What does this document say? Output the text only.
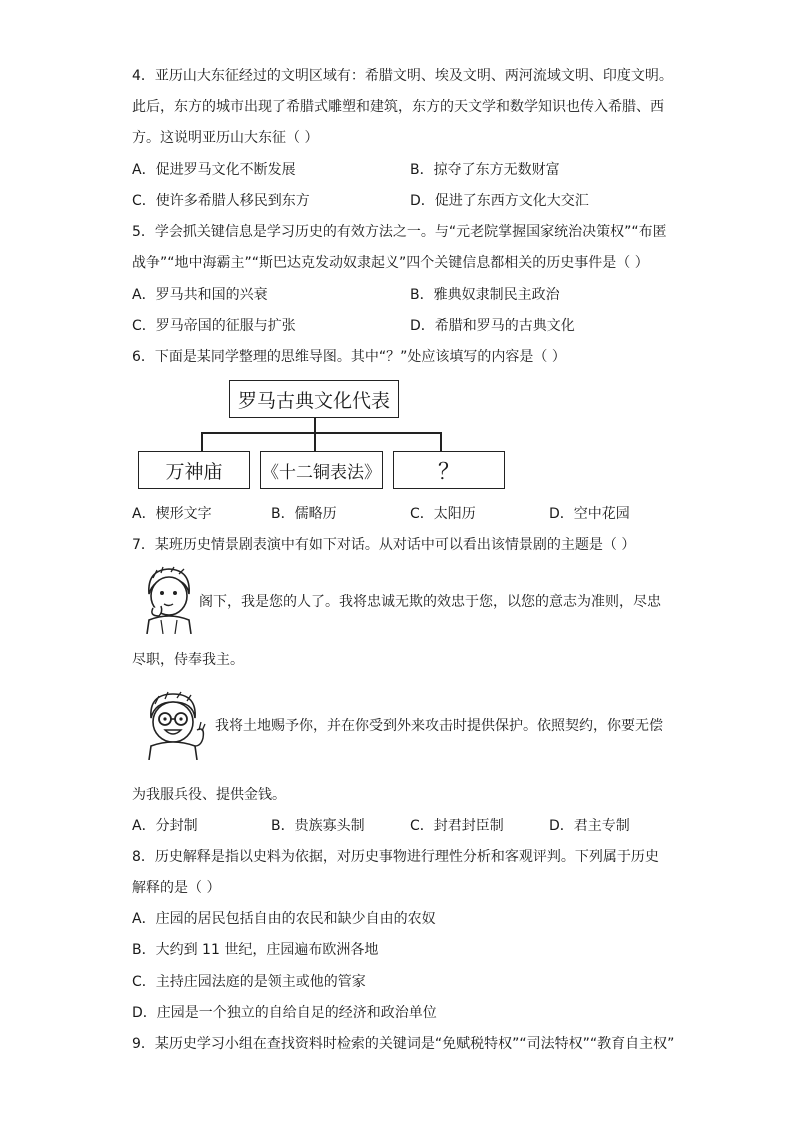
4．亚历山大东征经过的文明区域有：希腊文明、埃及文明、两河流域文明、印度文明。
此后，东方的城市出现了希腊式雕塑和建筑，东方的天文学和数学知识也传入希腊、西
方。这说明亚历山大东征（ ）
A．促进罗马文化不断发展	B．掠夺了东方无数财富
C．使许多希腊人移民到东方	D．促进了东西方文化大交汇
5．学会抓关键信息是学习历史的有效方法之一。与“元老院掌握国家统治决策权”“布匿
战争”“地中海霸主”“斯巴达克发动奴隶起义”四个关键信息都相关的历史事件是（ ）
A．罗马共和国的兴衰	B．雅典奴隶制民主政治
C．罗马帝国的征服与扩张	D．希腊和罗马的古典文化
6．下面是某同学整理的思维导图。其中“？”处应该填写的内容是（ ）
罗马古典文化代表
万神庙	《十二铜表法》	？
A．楔形文字	B．儒略历	C．太阳历	D．空中花园
7．某班历史情景剧表演中有如下对话。从对话中可以看出该情景剧的主题是（ ）
阁下，我是您的人了。我将忠诚无欺的效忠于您，以您的意志为准则，尽忠
尽职，侍奉我主。
我将土地赐予你，并在你受到外来攻击时提供保护。依照契约，你要无偿
为我服兵役、提供金钱。
A．分封制	B．贵族寡头制	C．封君封臣制	D．君主专制
8．历史解释是指以史料为依据，对历史事物进行理性分析和客观评判。下列属于历史
解释的是（ ）
A．庄园的居民包括自由的农民和缺少自由的农奴
B．大约到 11 世纪，庄园遍布欧洲各地
C．主持庄园法庭的是领主或他的管家
D．庄园是一个独立的自给自足的经济和政治单位
9．某历史学习小组在查找资料时检索的关键词是“免赋税特权”“司法特权”“教育自主权”
